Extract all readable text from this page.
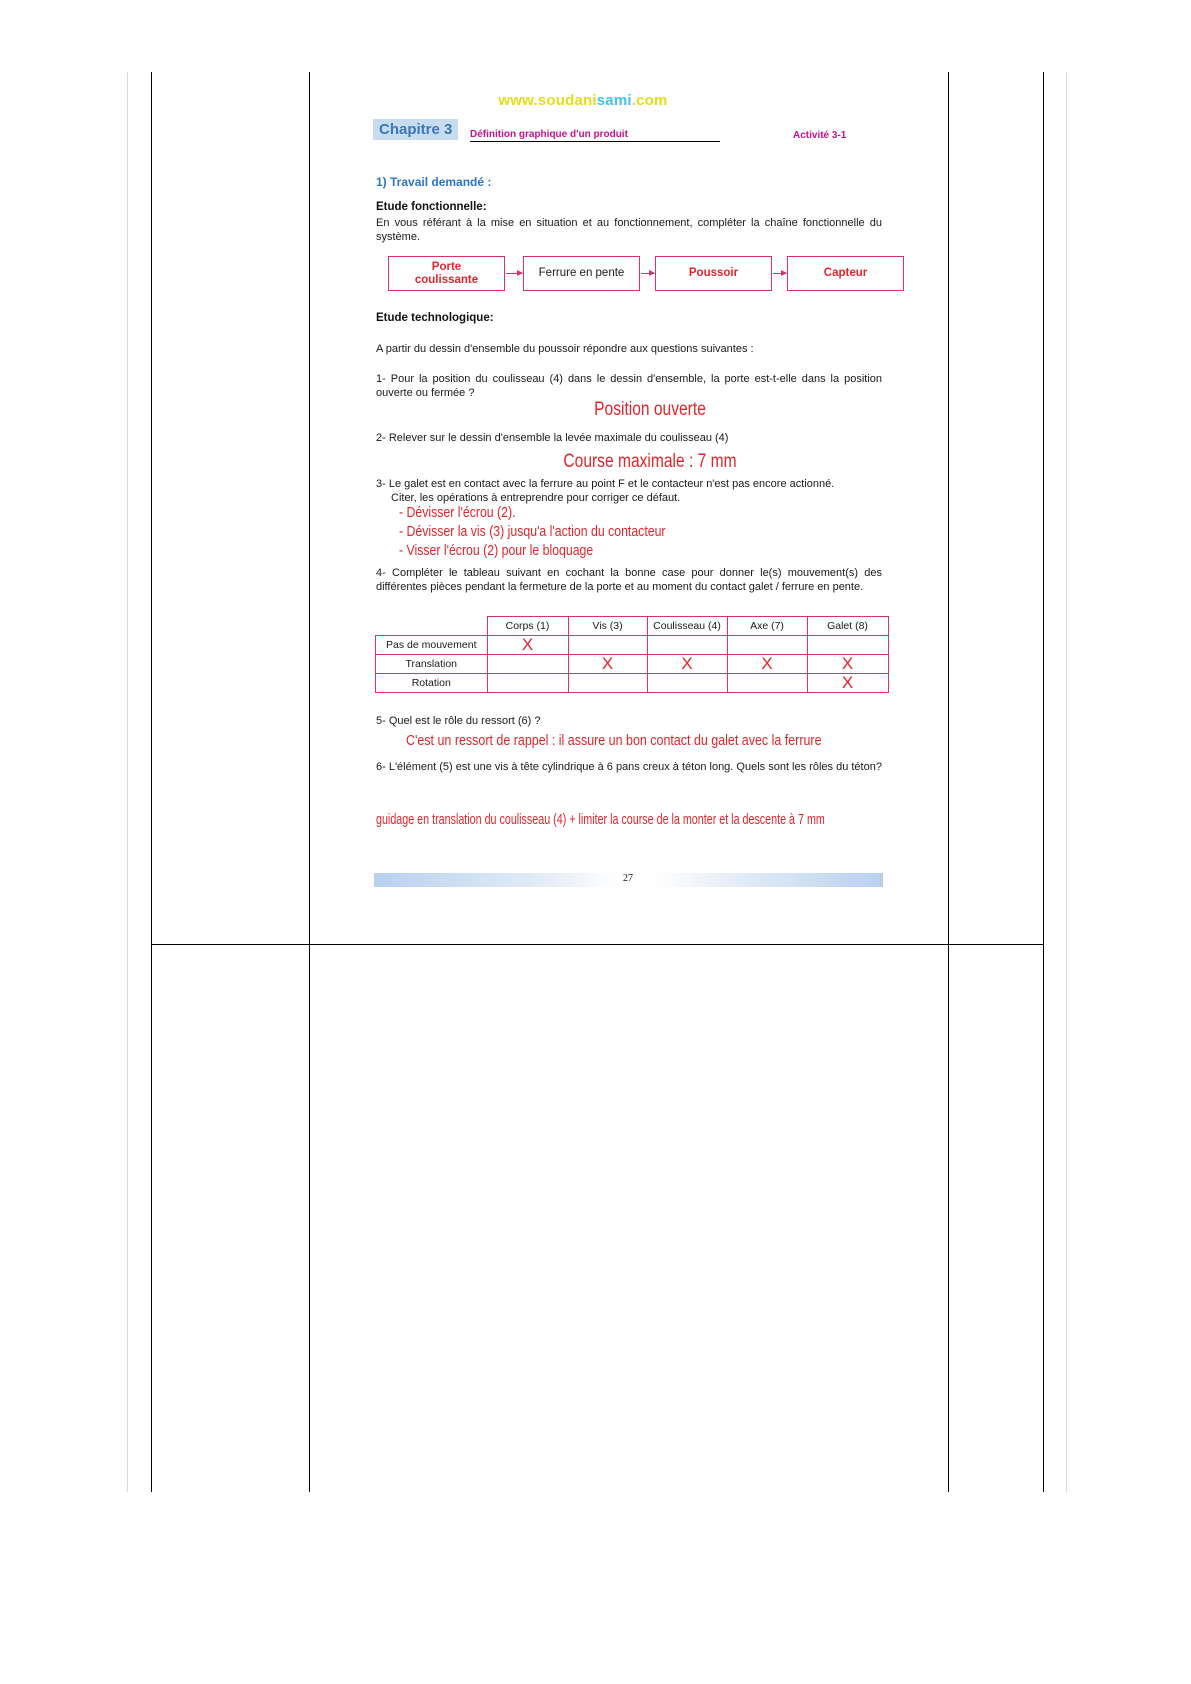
www.soudanisami.com
Chapitre 3	Définition graphique d'un produit	Activité 3-1
1) Travail demandé :
Etude fonctionnelle:
En vous référant à la mise en situation et au fonctionnement, compléter la chaîne fonctionnelle du système.
Porte coulissante
Ferrure en pente	Poussoir	Capteur
Etude technologique:
A partir du dessin d'ensemble du poussoir répondre aux questions suivantes :
1- Pour la position du coulisseau (4) dans le dessin d'ensemble, la porte est-t-elle dans la position ouverte ou fermée ?
Position ouverte
2- Relever sur le dessin d'ensemble la levée maximale du coulisseau (4)
Course maximale : 7 mm
3- Le galet est en contact avec la ferrure au point F et le contacteur n'est pas encore actionné.
Citer, les opérations à entreprendre pour corriger ce défaut.
- Dévisser l'écrou (2).
- Dévisser la vis (3) jusqu'a l'action du contacteur
- Visser l'écrou (2) pour le bloquage
4- Compléter le tableau suivant en cochant la bonne case pour donner le(s) mouvement(s) des différentes pièces pendant la fermeture de la porte et au moment du contact galet / ferrure en pente.
	Corps (1)	Vis (3)	Coulisseau (4)	Axe (7)	Galet (8)
Pas de mouvement	X				
Translation		X	X	X	X
Rotation					X
5- Quel est le rôle du ressort (6) ?
C'est un ressort de rappel : il assure un bon contact du galet avec la ferrure
6- L'élément (5) est une vis à tête cylindrique à 6 pans creux à téton long. Quels sont les rôles du téton?
guidage en translation du coulisseau (4) + limiter la course de la monter et la descente à 7 mm
27
